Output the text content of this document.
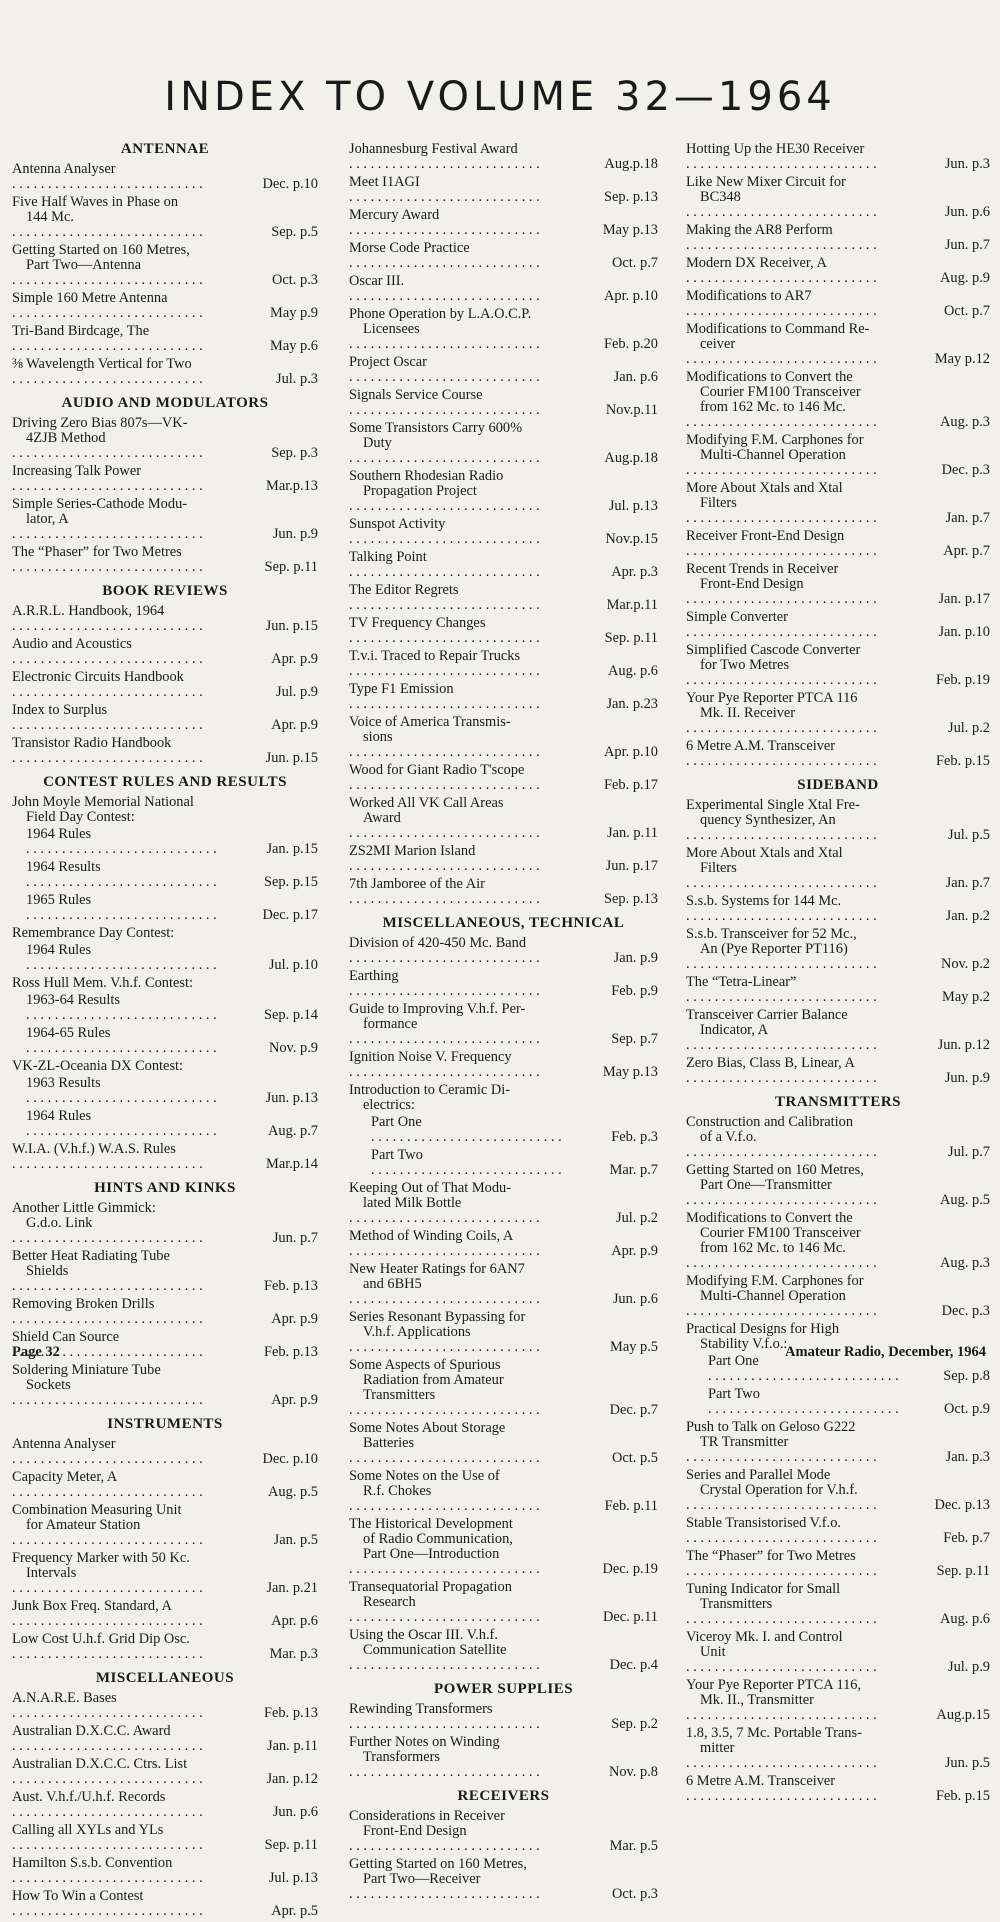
INDEX TO VOLUME 32—1964
ANTENNAE
Antenna Analyser
. . .
Dec. p.10
Five Half Waves in Phase on
144 Mc.
. . .
Sep. p.5
Getting Started on 160 Metres,
Part Two—Antenna
. . .
Oct. p.3
Simple 160 Metre Antenna
. . .
May p.9
Tri-Band Birdcage, The
. . .
May p.6
⅜ Wavelength Vertical for Two
. . .
Jul. p.3
AUDIO AND MODULATORS
Driving Zero Bias 807s—VK-
4ZJB Method
. . .
Sep. p.3
Increasing Talk Power
. . .
Mar.p.13
Simple Series-Cathode Modu-
lator, A
. . .
Jun. p.9
The “Phaser” for Two Metres
. . .
Sep. p.11
BOOK REVIEWS
A.R.R.L. Handbook, 1964
. . .
Jun. p.15
Audio and Acoustics
. . .
Apr. p.9
Electronic Circuits Handbook
. . .
Jul. p.9
Index to Surplus
. . .
Apr. p.9
Transistor Radio Handbook
. . .
Jun. p.15
CONTEST RULES AND RESULTS
John Moyle Memorial National
Field Day Contest:
1964 Rules
. . .
Jan. p.15
1964 Results
. . .
Sep. p.15
1965 Rules
. . .
Dec. p.17
Remembrance Day Contest:
1964 Rules
. . .
Jul. p.10
Ross Hull Mem. V.h.f. Contest:
1963-64 Results
. . .
Sep. p.14
1964-65 Rules
. . .
Nov. p.9
VK-ZL-Oceania DX Contest:
1963 Results
. . .
Jun. p.13
1964 Rules
. . .
Aug. p.7
W.I.A. (V.h.f.) W.A.S. Rules
. . .
Mar.p.14
HINTS AND KINKS
Another Little Gimmick:
G.d.o. Link
. . .
Jun. p.7
Better Heat Radiating Tube
Shields
. . .
Feb. p.13
Removing Broken Drills
. . .
Apr. p.9
Shield Can Source
. . .
Feb. p.13
Soldering Miniature Tube
Sockets
. . .
Apr. p.9
INSTRUMENTS
Antenna Analyser
. . .
Dec. p.10
Capacity Meter, A
. . .
Aug. p.5
Combination Measuring Unit
for Amateur Station
. . .
Jan. p.5
Frequency Marker with 50 Kc.
Intervals
. . .
Jan. p.21
Junk Box Freq. Standard, A
. . .
Apr. p.6
Low Cost U.h.f. Grid Dip Osc.
. . .
Mar. p.3
MISCELLANEOUS
A.N.A.R.E. Bases
. . .
Feb. p.13
Australian D.X.C.C. Award
. . .
Jan. p.11
Australian D.X.C.C. Ctrs. List
. . .
Jan. p.12
Aust. V.h.f./U.h.f. Records
. . .
Jun. p.6
Calling all XYLs and YLs
. . .
Sep. p.11
Hamilton S.s.b. Convention
. . .
Jul. p.13
How To Win a Contest
. . .
Apr. p.5
Johannesburg Festival Award
. . .
Aug.p.18
Meet I1AGI
. . .
Sep. p.13
Mercury Award
. . .
May p.13
Morse Code Practice
. . .
Oct. p.7
Oscar III.
. . .
Apr. p.10
Phone Operation by L.A.O.C.P.
Licensees
. . .
Feb. p.20
Project Oscar
. . .
Jan. p.6
Signals Service Course
. . .
Nov.p.11
Some Transistors Carry 600%
Duty
. . .
Aug.p.18
Southern Rhodesian Radio
Propagation Project
. . .
Jul. p.13
Sunspot Activity
. . .
Nov.p.15
Talking Point
. . .
Apr. p.3
The Editor Regrets
. . .
Mar.p.11
TV Frequency Changes
. . .
Sep. p.11
T.v.i. Traced to Repair Trucks
. . .
Aug. p.6
Type F1 Emission
. . .
Jan. p.23
Voice of America Transmis-
sions
. . .
Apr. p.10
Wood for Giant Radio T'scope
. . .
Feb. p.17
Worked All VK Call Areas
Award
. . .
Jan. p.11
ZS2MI Marion Island
. . .
Jun. p.17
7th Jamboree of the Air
. . .
Sep. p.13
MISCELLANEOUS, TECHNICAL
Division of 420-450 Mc. Band
. . .
Jan. p.9
Earthing
. . .
Feb. p.9
Guide to Improving V.h.f. Per-
formance
. . .
Sep. p.7
Ignition Noise V. Frequency
. . .
May p.13
Introduction to Ceramic Di-
electrics:
Part One
. . .
Feb. p.3
Part Two
. . .
Mar. p.7
Keeping Out of That Modu-
lated Milk Bottle
. . .
Jul. p.2
Method of Winding Coils, A
. . .
Apr. p.9
New Heater Ratings for 6AN7
and 6BH5
. . .
Jun. p.6
Series Resonant Bypassing for
V.h.f. Applications
. . .
May p.5
Some Aspects of Spurious
Radiation from Amateur
Transmitters
. . .
Dec. p.7
Some Notes About Storage
Batteries
. . .
Oct. p.5
Some Notes on the Use of
R.f. Chokes
. . .
Feb. p.11
The Historical Development
of Radio Communication,
Part One—Introduction
. . .
Dec. p.19
Transequatorial Propagation
Research
. . .
Dec. p.11
Using the Oscar III. V.h.f.
Communication Satellite
. . .
Dec. p.4
POWER SUPPLIES
Rewinding Transformers
. . .
Sep. p.2
Further Notes on Winding
Transformers
. . .
Nov. p.8
RECEIVERS
Considerations in Receiver
Front-End Design
. . .
Mar. p.5
Getting Started on 160 Metres,
Part Two—Receiver
. . .
Oct. p.3
Hotting Up the HE30 Receiver
. . .
Jun. p.3
Like New Mixer Circuit for
BC348
. . .
Jun. p.6
Making the AR8 Perform
. . .
Jun. p.7
Modern DX Receiver, A
. . .
Aug. p.9
Modifications to AR7
. . .
Oct. p.7
Modifications to Command Re-
ceiver
. . .
May p.12
Modifications to Convert the
Courier FM100 Transceiver
from 162 Mc. to 146 Mc.
. . .
Aug. p.3
Modifying F.M. Carphones for
Multi-Channel Operation
. . .
Dec. p.3
More About Xtals and Xtal
Filters
. . .
Jan. p.7
Receiver Front-End Design
. . .
Apr. p.7
Recent Trends in Receiver
Front-End Design
. . .
Jan. p.17
Simple Converter
. . .
Jan. p.10
Simplified Cascode Converter
for Two Metres
. . .
Feb. p.19
Your Pye Reporter PTCA 116
Mk. II. Receiver
. . .
Jul. p.2
6 Metre A.M. Transceiver
. . .
Feb. p.15
SIDEBAND
Experimental Single Xtal Fre-
quency Synthesizer, An
. . .
Jul. p.5
More About Xtals and Xtal
Filters
. . .
Jan. p.7
S.s.b. Systems for 144 Mc.
. . .
Jan. p.2
S.s.b. Transceiver for 52 Mc.,
An (Pye Reporter PT116)
. . .
Nov. p.2
The “Tetra-Linear”
. . .
May p.2
Transceiver Carrier Balance
Indicator, A
. . .
Jun. p.12
Zero Bias, Class B, Linear, A
. . .
Jun. p.9
TRANSMITTERS
Construction and Calibration
of a V.f.o.
. . .
Jul. p.7
Getting Started on 160 Metres,
Part One—Transmitter
. . .
Aug. p.5
Modifications to Convert the
Courier FM100 Transceiver
from 162 Mc. to 146 Mc.
. . .
Aug. p.3
Modifying F.M. Carphones for
Multi-Channel Operation
. . .
Dec. p.3
Practical Designs for High
Stability V.f.o.:
Part One
. . .
Sep. p.8
Part Two
. . .
Oct. p.9
Push to Talk on Geloso G222
TR Transmitter
. . .
Jan. p.3
Series and Parallel Mode
Crystal Operation for V.h.f.
. . .
Dec. p.13
Stable Transistorised V.f.o.
. . .
Feb. p.7
The “Phaser” for Two Metres
. . .
Sep. p.11
Tuning Indicator for Small
Transmitters
. . .
Aug. p.6
Viceroy Mk. I. and Control
Unit
. . .
Jul. p.9
Your Pye Reporter PTCA 116,
Mk. II., Transmitter
. . .
Aug.p.15
1.8, 3.5, 7 Mc. Portable Trans-
mitter
. . .
Jun. p.5
6 Metre A.M. Transceiver
. . .
Feb. p.15
Page 32	Amateur Radio, December, 1964
